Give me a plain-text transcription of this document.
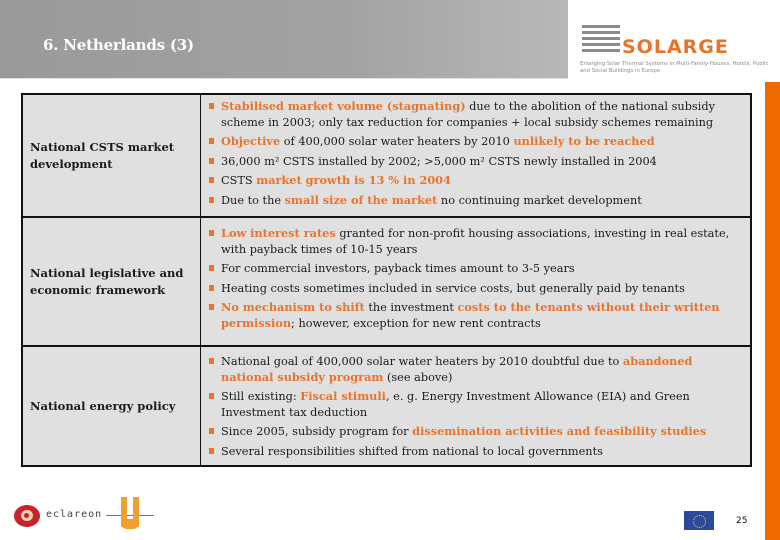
6. Netherlands (3)	SOLARGE
Enlarging Solar Thermal Systems in Multi-Family-Houses, Hotels, Public and Social Buildings in Europe
National CSTS market development
Stabilised market volume (stagnating) due to the abolition of the national subsidy scheme in 2003; only tax reduction for companies + local subsidy schemes remaining
Objective of 400,000 solar water heaters by 2010 unlikely to be reached
36,000 m² CSTS installed by 2002; >5,000 m² CSTS newly installed in 2004
CSTS market growth is 13 % in 2004
Due to the small size of the market no continuing market development
National legislative and economic framework
Low interest rates granted for non-profit housing associations, investing in real estate, with payback times of 10-15 years
For commercial investors, payback times amount to 3-5 years
Heating costs sometimes included in service costs, but generally paid by tenants
No mechanism to shift the investment costs to the tenants without their written permission; however, exception for new rent contracts
National energy policy
National goal of 400,000 solar water heaters by 2010 doubtful due to abandoned national subsidy program (see above)
Still existing: Fiscal stimuli, e. g. Energy Investment Allowance (EIA) and Green Investment tax deduction
Since 2005, subsidy program for dissemination activities and feasibility studies
Several responsibilities shifted from national to local governments
eclareon
25
